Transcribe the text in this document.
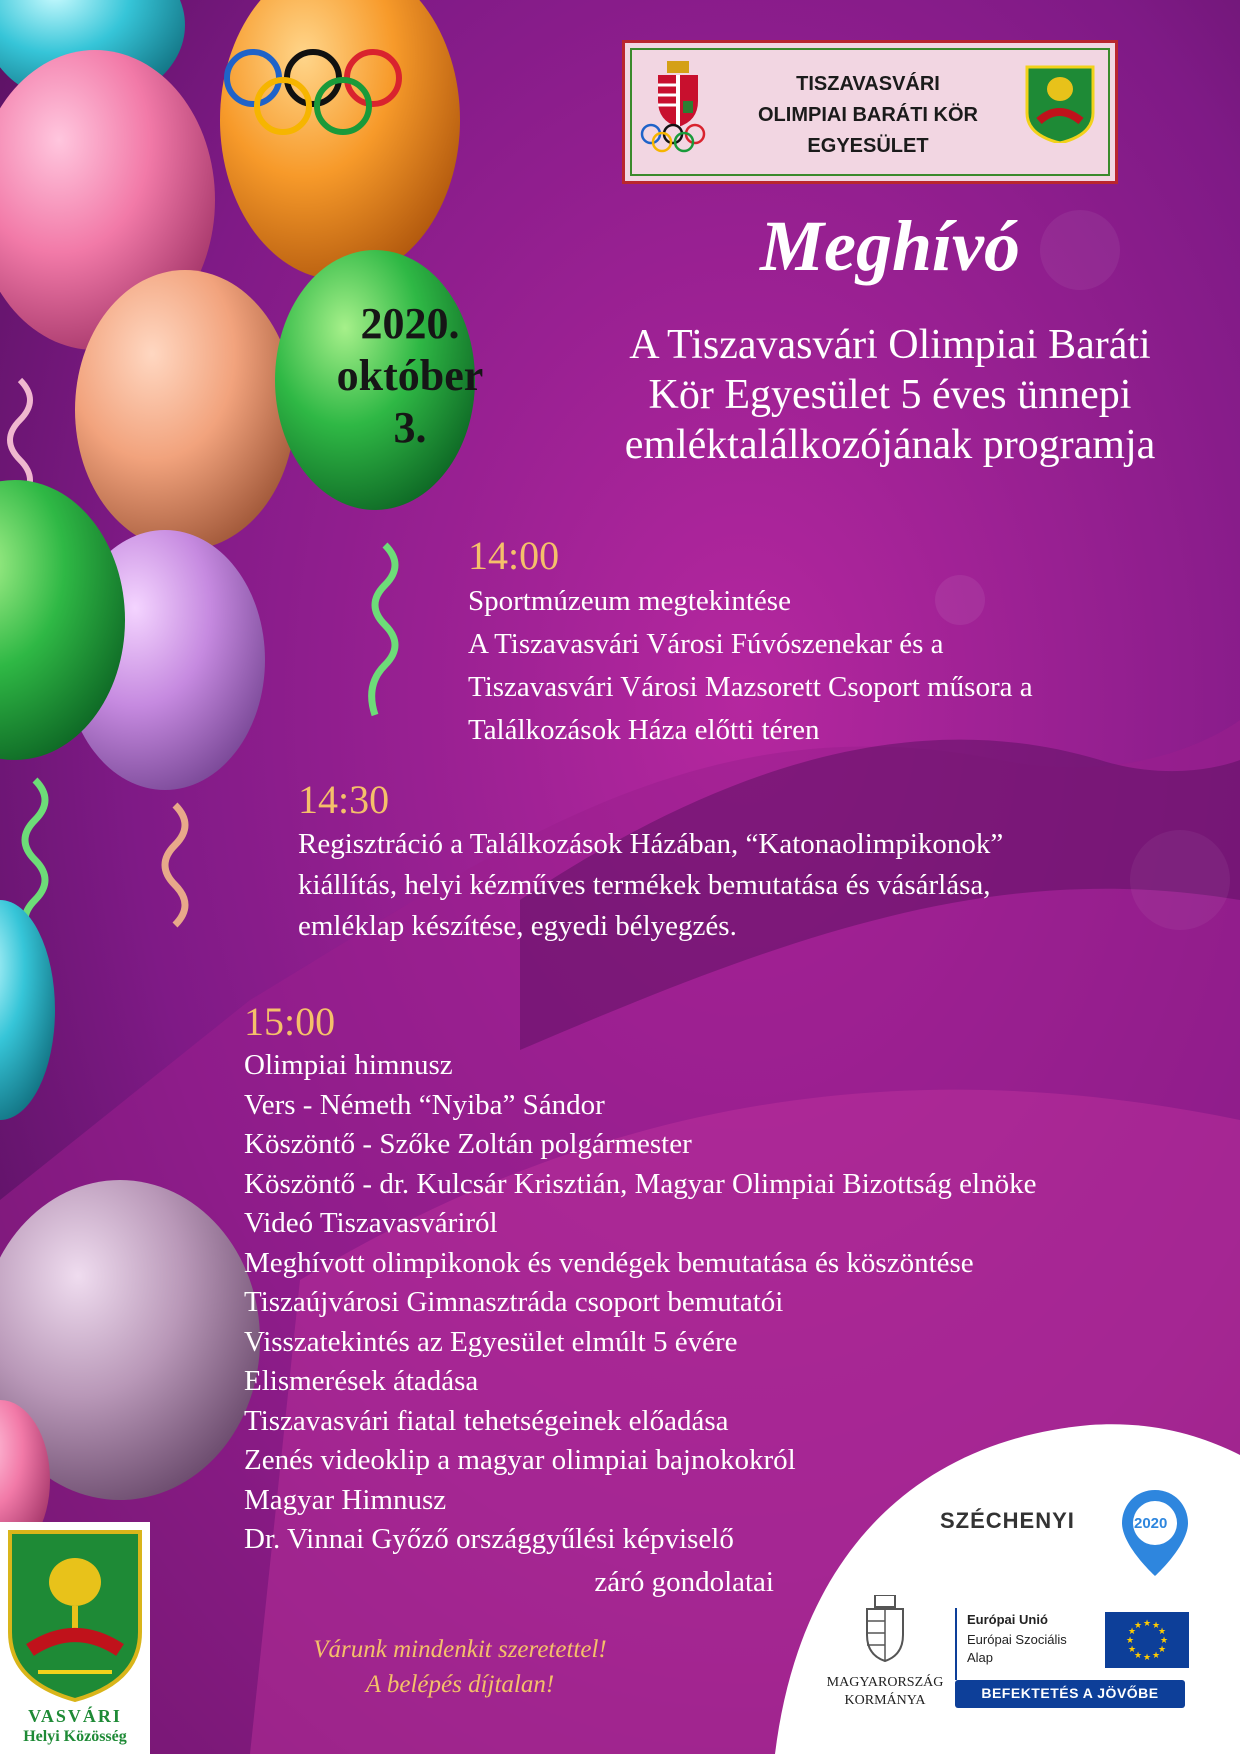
TISZAVASVÁRI
OLIMPIAI BARÁTI KÖR
EGYESÜLET
Meghívó
2020.
október
3.
A Tiszavasvári Olimpiai Baráti
Kör Egyesület 5 éves ünnepi
emléktalálkozójának programja
14:00
Sportmúzeum megtekintése
A Tiszavasvári Városi Fúvószenekar és a
Tiszavasvári Városi Mazsorett Csoport műsora a
Találkozások Háza előtti téren
14:30
Regisztráció a Találkozások Házában, “Katonaolimpikonok”
kiállítás, helyi kézműves termékek bemutatása és vásárlása,
emléklap készítése, egyedi bélyegzés.
15:00
Olimpiai himnusz
Vers - Németh “Nyiba” Sándor
Köszöntő - Szőke Zoltán polgármester
Köszöntő - dr. Kulcsár Krisztián, Magyar Olimpiai Bizottság elnöke
Videó Tiszavasváriról
Meghívott olimpikonok és vendégek bemutatása és köszöntése
Tiszaújvárosi Gimnasztráda csoport bemutatói
Visszatekintés az Egyesület elmúlt 5 évére
Elismerések átadása
Tiszavasvári fiatal tehetségeinek előadása
Zenés videoklip a magyar olimpiai bajnokokról
Magyar Himnusz
Dr. Vinnai Győző országgyűlési képviselő
záró gondolatai
Várunk mindenkit szeretettel!
A belépés díjtalan!
VASVÁRI
Helyi Közösség
SZÉCHENYI	2020
MAGYARORSZÁG
KORMÁNYA
Európai Unió
Európai Szociális
Alap
★ ★
★
★
★
★
★
★
★
★
★
★
BEFEKTETÉS A JÖVŐBE
